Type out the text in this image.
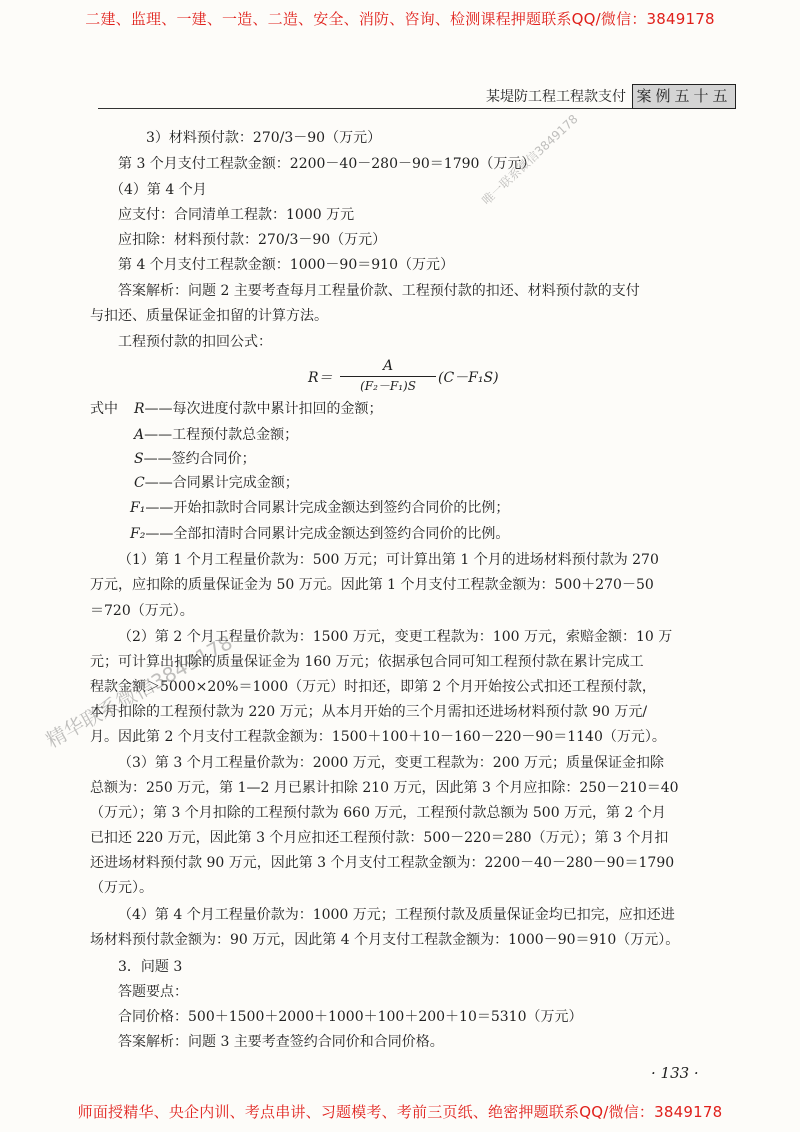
二建、监理、一建、一造、二造、安全、消防、咨询、检测课程押题联系QQ/微信：3849178
某堤防工程工程款支付 案例五十五
3）材料预付款：270/3－90（万元）
第 3 个月支付工程款金额：2200－40－280－90＝1790（万元）
（4）第 4 个月
应支付：合同清单工程款：1000 万元
应扣除：材料预付款：270/3－90（万元）
第 4 个月支付工程款金额：1000－90＝910（万元）
答案解析：问题 2 主要考查每月工程量价款、工程预付款的扣还、材料预付款的支付
与扣还、质量保证金扣留的计算方法。
工程预付款的扣回公式：
R＝
A
(F₂－F₁)S	(C－F₁S)
式中 R——每次进度付款中累计扣回的金额；
A——工程预付款总金额；
S——签约合同价；
C——合同累计完成金额；
F₁——开始扣款时合同累计完成金额达到签约合同价的比例；
F₂——全部扣清时合同累计完成金额达到签约合同价的比例。
（1）第 1 个月工程量价款为：500 万元；可计算出第 1 个月的进场材料预付款为 270
万元，应扣除的质量保证金为 50 万元。因此第 1 个月支付工程款金额为：500＋270－50
＝720（万元）。
（2）第 2 个月工程量价款为：1500 万元，变更工程款为：100 万元，索赔金额：10 万
元；可计算出扣除的质量保证金为 160 万元；依据承包合同可知工程预付款在累计完成工
程款金额＞5000×20%＝1000（万元）时扣还，即第 2 个月开始按公式扣还工程预付款，
本月扣除的工程预付款为 220 万元；从本月开始的三个月需扣还进场材料预付款 90 万元/
月。因此第 2 个月支付工程款金额为：1500＋100＋10－160－220－90＝1140（万元）。
（3）第 3 个月工程量价款为：2000 万元，变更工程款为：200 万元；质量保证金扣除
总额为：250 万元，第 1—2 月已累计扣除 210 万元，因此第 3 个月应扣除：250－210＝40
（万元）；第 3 个月扣除的工程预付款为 660 万元，工程预付款总额为 500 万元，第 2 个月
已扣还 220 万元，因此第 3 个月应扣还工程预付款：500－220＝280（万元）；第 3 个月扣
还进场材料预付款 90 万元，因此第 3 个月支付工程款金额为：2200－40－280－90＝1790
（万元）。
（4）第 4 个月工程量价款为：1000 万元；工程预付款及质量保证金均已扣完，应扣还进
场材料预付款金额为：90 万元，因此第 4 个月支付工程款金额为：1000－90＝910（万元）。
3．问题 3
答题要点：
合同价格：500＋1500＋2000＋1000＋100＋200＋10＝5310（万元）
答案解析：问题 3 主要考查签约合同价和合同价格。
唯一联系微信3849178
精华联系微信3849178
· 133 ·
师面授精华、央企内训、考点串讲、习题模考、考前三页纸、绝密押题联系QQ/微信：3849178
